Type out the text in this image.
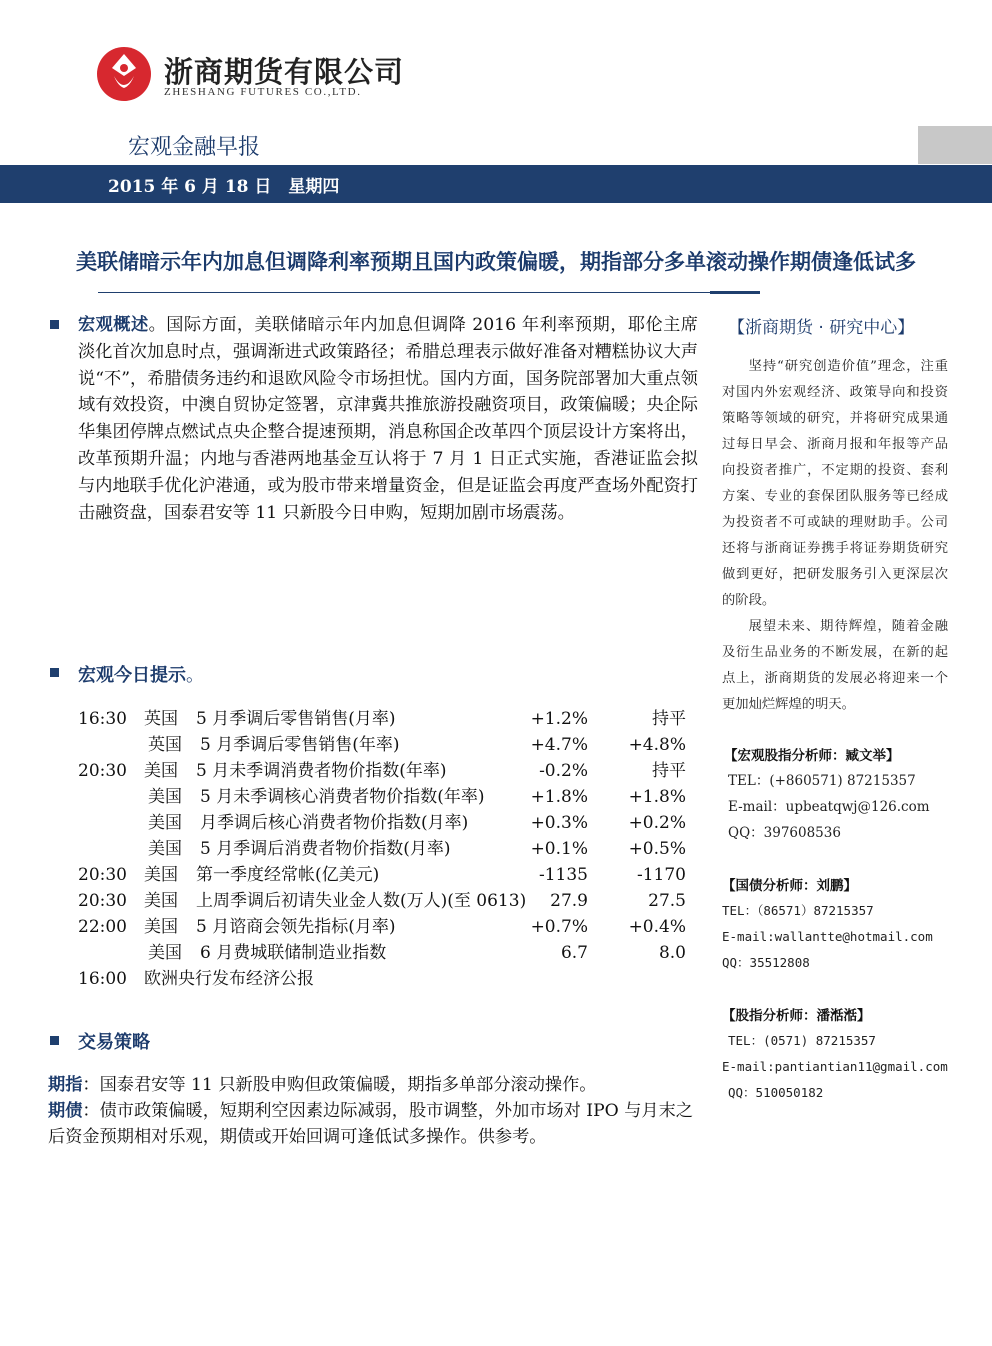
浙商期货有限公司
ZHESHANG FUTURES CO.,LTD.
宏观金融早报
2015 年 6 月 18 日　星期四
美联储暗示年内加息但调降利率预期且国内政策偏暖，期指部分多单滚动操作期债逢低试多
宏观概述。国际方面，美联储暗示年内加息但调降 2016 年利率预期，耶伦主席淡化首次加息时点，强调渐进式政策路径；希腊总理表示做好准备对糟糕协议大声说“不”，希腊债务违约和退欧风险令市场担忧。国内方面，国务院部署加大重点领域有效投资，中澳自贸协定签署，京津冀共推旅游投融资项目，政策偏暖；央企际华集团停牌点燃试点央企整合提速预期，消息称国企改革四个顶层设计方案将出，改革预期升温；内地与香港两地基金互认将于 7 月 1 日正式实施，香港证监会拟与内地联手优化沪港通，或为股市带来增量资金，但是证监会再度严查场外配资打击融资盘，国泰君安等 11 只新股今日申购，短期加剧市场震荡。
宏观今日提示。
16:30 英国 5 月季调后零售销售(月率)	+1.2%	持平
英国 5 月季调后零售销售(年率)	+4.7%	+4.8%
20:30 美国 5 月未季调消费者物价指数(年率)	-0.2%	持平
美国 5 月未季调核心消费者物价指数(年率)	+1.8%	+1.8%
美国 月季调后核心消费者物价指数(月率)	+0.3%	+0.2%
美国 5 月季调后消费者物价指数(月率)	+0.1%	+0.5%
20:30 美国 第一季度经常帐(亿美元)	-1135	-1170
20:30 美国 上周季调后初请失业金人数(万人)(至 0613)	27.9	27.5
22:00 美国 5 月谘商会领先指标(月率)	+0.7%	+0.4%
美国 6 月费城联储制造业指数	6.7	8.0
16:00 欧洲央行发布经济公报
交易策略
期指：国泰君安等 11 只新股申购但政策偏暖，期指多单部分滚动操作。
期债：债市政策偏暖，短期利空因素边际减弱，股市调整，外加市场对 IPO 与月末之后资金预期相对乐观，期债或开始回调可逢低试多操作。供参考。
【浙商期货 · 研究中心】

坚持“研究创造价值”理念，注重对国内外宏观经济、政策导向和投资策略等领域的研究，并将研究成果通过每日早会、浙商月报和年报等产品向投资者推广，不定期的投资、套利方案、专业的套保团队服务等已经成为投资者不可或缺的理财助手。公司还将与浙商证券携手将证券期货研究做到更好，把研发服务引入更深层次的阶段。

展望未来、期待辉煌，随着金融及衍生品业务的不断发展，在新的起点上，浙商期货的发展必将迎来一个更加灿烂辉煌的明天。

【宏观股指分析师：臧文举】
TEL：(+860571) 87215357
E-mail：upbeatqwj@126.com
QQ：397608536
【国债分析师：刘鹏】
TEL：（86571）87215357
E-mail:wallantte@hotmail.com
QQ：35512808
【股指分析师：潘湉湉】
TEL：(0571) 87215357
E-mail:pantiantian11@gmail.com
QQ：510050182
